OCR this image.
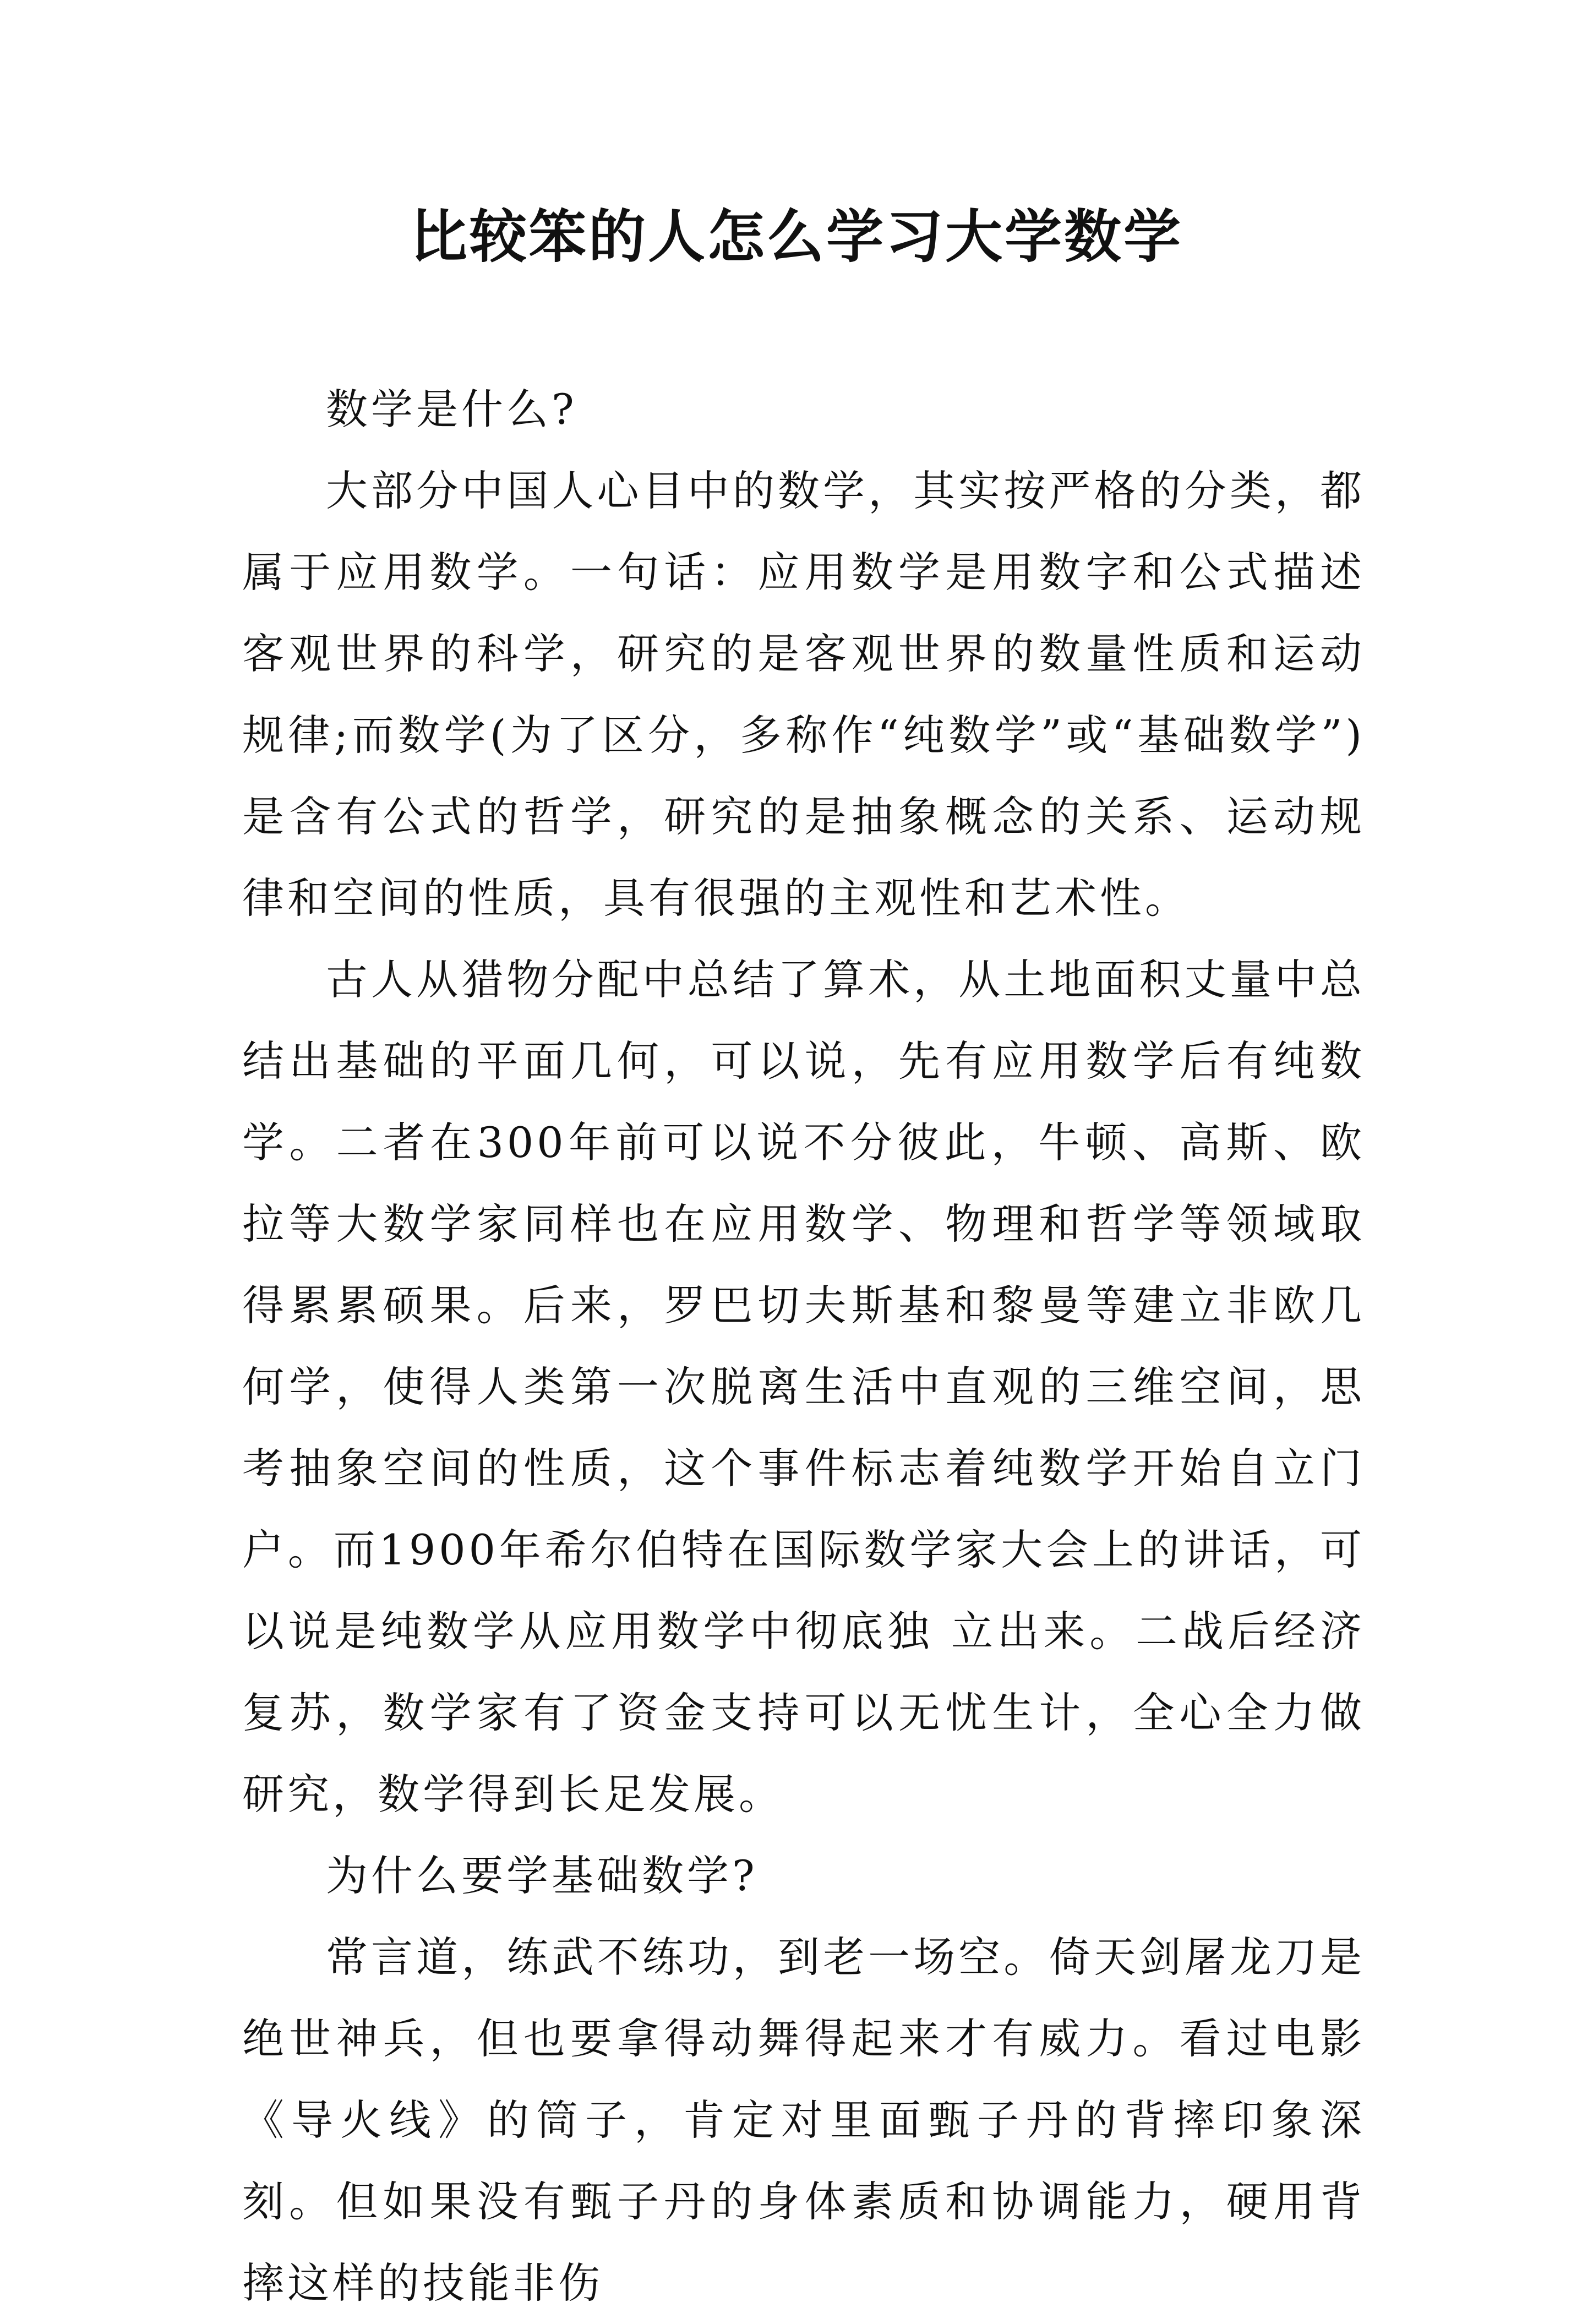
比较笨的人怎么学习大学数学

数学是什么?

大部分中国人心目中的数学，其实按严格的分类，都属于应用数学。一句话：应用数学是用数字和公式描述客观世界的科学，研究的是客观世界的数量性质和运动规律;而数学(为了区分，多称作“纯数学”或“基础数学”)是含有公式的哲学，研究的是抽象概念的关系、运动规律和空间的性质，具有很强的主观性和艺术性。

古人从猎物分配中总结了算术，从土地面积丈量中总结出基础的平面几何，可以说，先有应用数学后有纯数学。二者在300年前可以说不分彼此，牛顿、高斯、欧拉等大数学家同样也在应用数学、物理和哲学等领域取得累累硕果。后来，罗巴切夫斯基和黎曼等建立非欧几何学，使得人类第一次脱离生活中直观的三维空间，思考抽象空间的性质，这个事件标志着纯数学开始自立门户。而1900年希尔伯特在国际数学家大会上的讲话，可以说是纯数学从应用数学中彻底独 立出来。二战后经济复苏，数学家有了资金支持可以无忧生计，全心全力做研究，数学得到长足发展。

为什么要学基础数学?

常言道，练武不练功，到老一场空。倚天剑屠龙刀是绝世神兵，但也要拿得动舞得起来才有威力。看过电影《导火线》的筒子，肯定对里面甄子丹的背摔印象深刻。但如果没有甄子丹的身体素质和协调能力，硬用背摔这样的技能非伤
